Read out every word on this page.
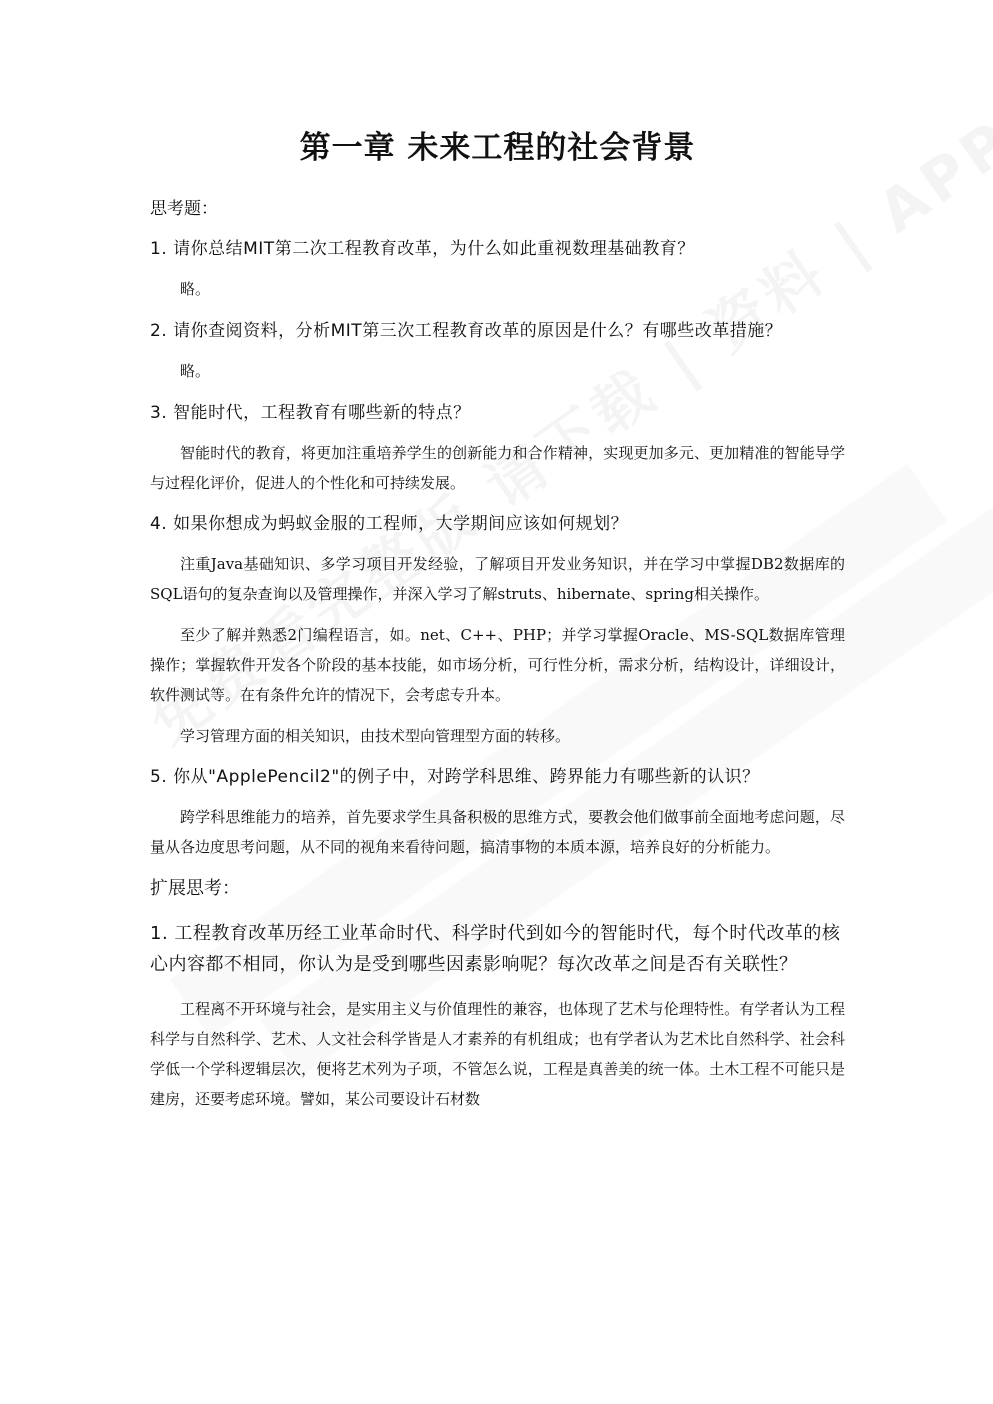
第一章 未来工程的社会背景
思考题：
1. 请你总结MIT第二次工程教育改革，为什么如此重视数理基础教育？

略。

2. 请你查阅资料，分析MIT第三次工程教育改革的原因是什么？有哪些改革措施？

略。

3. 智能时代，工程教育有哪些新的特点？

智能时代的教育，将更加注重培养学生的创新能力和合作精神，实现更加多元、更加精准的智能导学与过程化评价，促进人的个性化和可持续发展。

4. 如果你想成为蚂蚁金服的工程师，大学期间应该如何规划？

注重Java基础知识、多学习项目开发经验，了解项目开发业务知识，并在学习中掌握DB2数据库的SQL语句的复杂查询以及管理操作，并深入学习了解struts、hibernate、spring相关操作。

至少了解并熟悉2门编程语言，如。net、C++、PHP；并学习掌握Oracle、MS-SQL数据库管理操作；掌握软件开发各个阶段的基本技能，如市场分析，可行性分析，需求分析，结构设计，详细设计，软件测试等。在有条件允许的情况下，会考虑专升本。

学习管理方面的相关知识，由技术型向管理型方面的转移。

5. 你从"ApplePencil2"的例子中，对跨学科思维、跨界能力有哪些新的认识？

跨学科思维能力的培养，首先要求学生具备积极的思维方式，要教会他们做事前全面地考虑问题，尽量从各边度思考问题，从不同的视角来看待问题，搞清事物的本质本源，培养良好的分析能力。

扩展思考：
1. 工程教育改革历经工业革命时代、科学时代到如今的智能时代，每个时代改革的核心内容都不相同，你认为是受到哪些因素影响呢？每次改革之间是否有关联性？

工程离不开环境与社会，是实用主义与价值理性的兼容，也体现了艺术与伦理特性。有学者认为工程科学与自然科学、艺术、人文社会科学皆是人才素养的有机组成；也有学者认为艺术比自然科学、社会科学低一个学科逻辑层次，便将艺术列为子项，不管怎么说，工程是真善美的统一体。土木工程不可能只是建房，还要考虑环境。譬如，某公司要设计石材数
